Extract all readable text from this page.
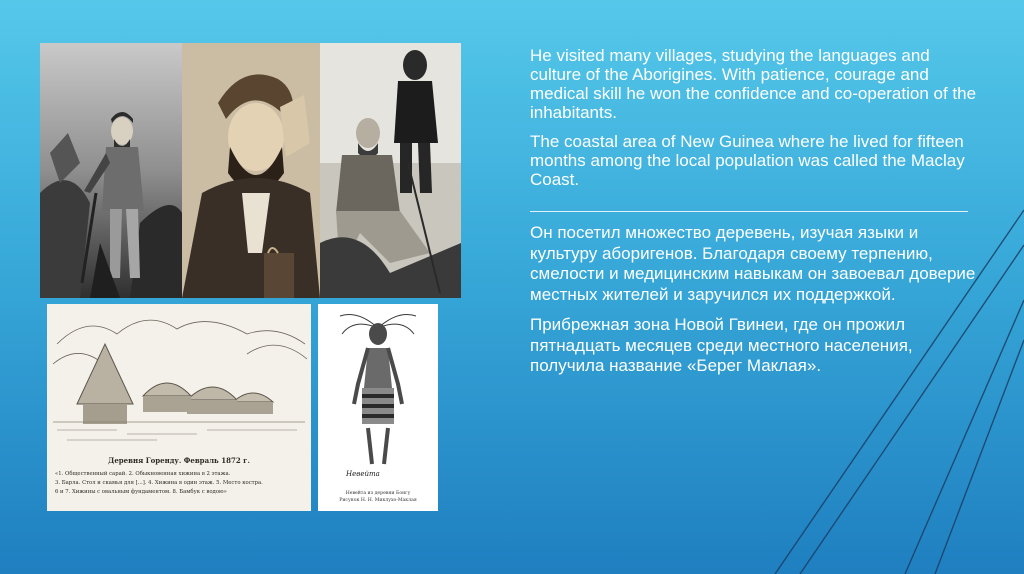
Деревня Горенду. Февраль 1872 г.
«1. Общественный сарай. 2. Обыкновенная хижина в 2 этажа.
3. Барла. Стол и скамья для [...]. 4. Хижина в один этаж. 5. Место костра.
6 и 7. Хижины с овальным фундаментом. 8. Бамбук с водою»
Невейта
Невейта из деревни Бонгу
Рисунок Н. Н. Миклухо-Маклая

He visited many villages, studying the languages and culture of the Aborigines. With patience, courage and medical skill he won the confidence and co-operation of the inhabitants.

The coastal area of New Guinea where he lived for fifteen months among the local population was called the Maclay Coast.

Он посетил множество деревень, изучая языки и культуру аборигенов. Благодаря своему терпению, смелости и медицинским навыкам он завоевал доверие местных жителей и заручился их поддержкой.

Прибрежная зона Новой Гвинеи, где он прожил пятнадцать месяцев среди местного населения, получила название «Берег Маклая».
